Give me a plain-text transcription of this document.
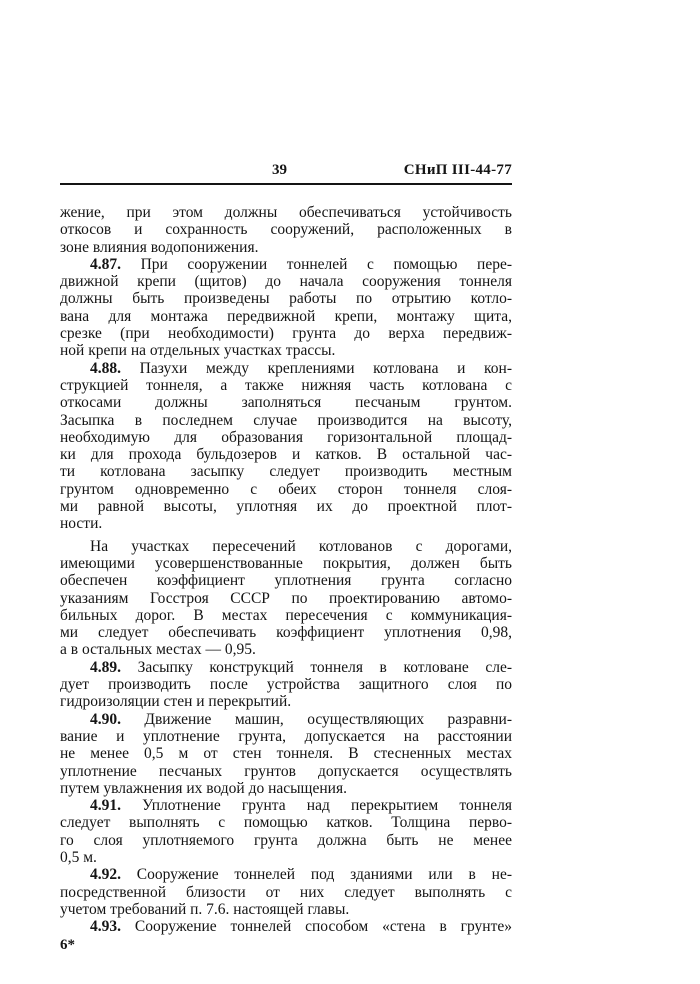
39	СНиП III-44-77
жение, при этом должны обеспечиваться устойчивость
откосов и сохранность сооружений, расположенных в
зоне влияния водопонижения.
4.87. При сооружении тоннелей с помощью пере-
движной крепи (щитов) до начала сооружения тоннеля
должны быть произведены работы по отрытию котло-
вана для монтажа передвижной крепи, монтажу щита,
срезке (при необходимости) грунта до верха передвиж-
ной крепи на отдельных участках трассы.
4.88. Пазухи между креплениями котлована и кон-
струкцией тоннеля, а также нижняя часть котлована с
откосами должны заполняться песчаным грунтом.
Засыпка в последнем случае производится на высоту,
необходимую для образования горизонтальной площад-
ки для прохода бульдозеров и катков. В остальной час-
ти котлована засыпку следует производить местным
грунтом одновременно с обеих сторон тоннеля слоя-
ми равной высоты, уплотняя их до проектной плот-
ности.
На участках пересечений котлованов с дорогами,
имеющими усовершенствованные покрытия, должен быть
обеспечен коэффициент уплотнения грунта согласно
указаниям Госстроя СССР по проектированию автомо-
бильных дорог. В местах пересечения с коммуникация-
ми следует обеспечивать коэффициент уплотнения 0,98,
а в остальных местах — 0,95.
4.89. Засыпку конструкций тоннеля в котловане сле-
дует производить после устройства защитного слоя по
гидроизоляции стен и перекрытий.
4.90. Движение машин, осуществляющих разравни-
вание и уплотнение грунта, допускается на расстоянии
не менее 0,5 м от стен тоннеля. В стесненных местах
уплотнение песчаных грунтов допускается осуществлять
путем увлажнения их водой до насыщения.
4.91. Уплотнение грунта над перекрытием тоннеля
следует выполнять с помощью катков. Толщина перво-
го слоя уплотняемого грунта должна быть не менее
0,5 м.
4.92. Сооружение тоннелей под зданиями или в не-
посредственной близости от них следует выполнять с
учетом требований п. 7.6. настоящей главы.
4.93. Сооружение тоннелей способом «стена в грунте»
6*
